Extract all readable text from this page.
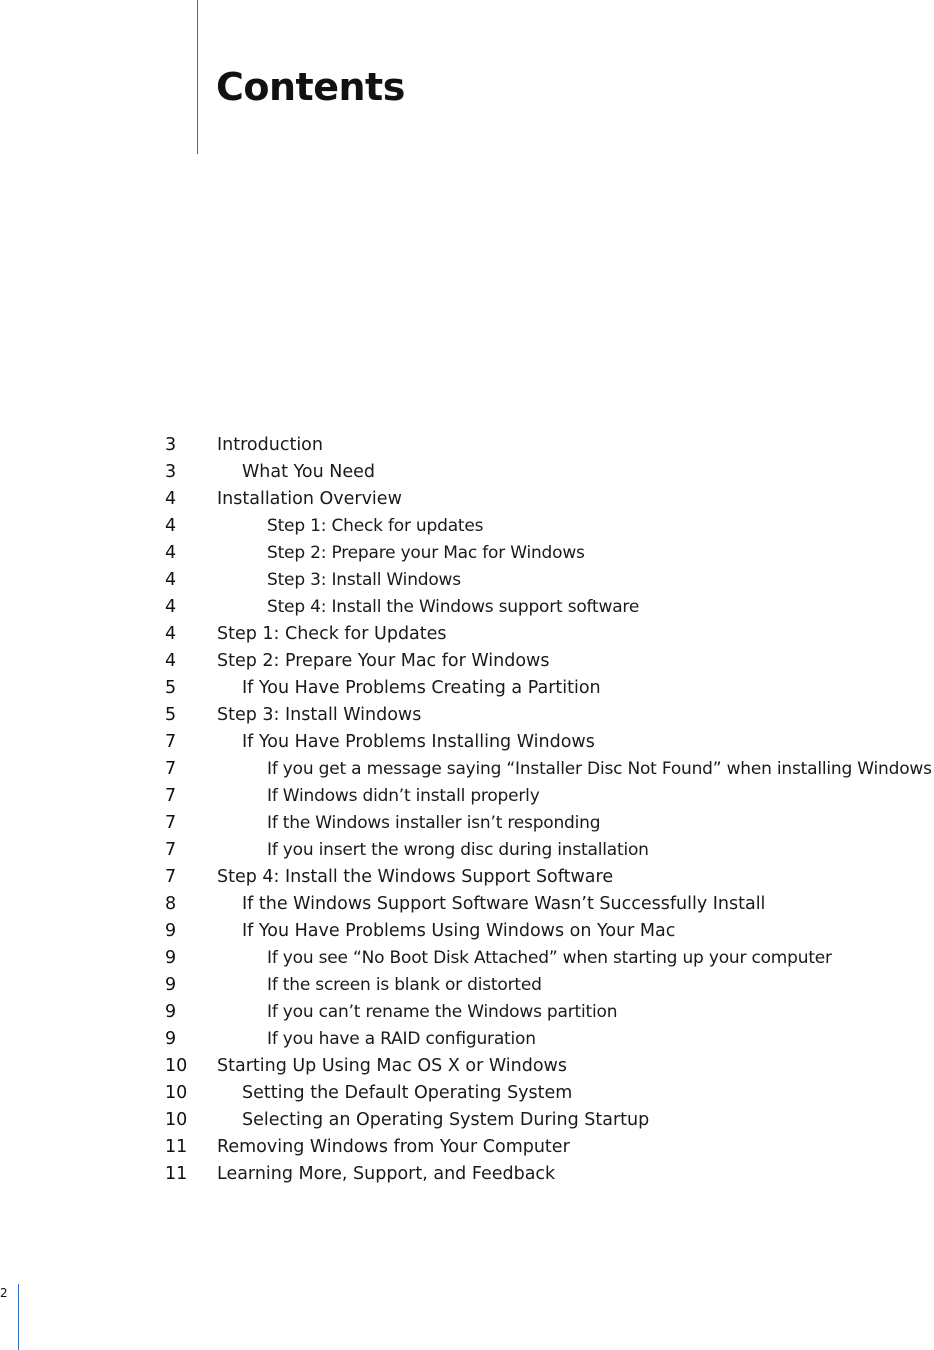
Contents
3 Introduction
3	What You Need
4 Installation Overview
4	Step 1: Check for updates
4	Step 2: Prepare your Mac for Windows
4	Step 3: Install Windows
4	Step 4: Install the Windows support software
4 Step 1: Check for Updates
4 Step 2: Prepare Your Mac for Windows
5	If You Have Problems Creating a Partition
5 Step 3: Install Windows
7	If You Have Problems Installing Windows
7	If you get a message saying “Installer Disc Not Found” when installing Windows
7	If Windows didn’t install properly
7	If the Windows installer isn’t responding
7	If you insert the wrong disc during installation
7 Step 4: Install the Windows Support Software
8	If the Windows Support Software Wasn’t Successfully Install
9	If You Have Problems Using Windows on Your Mac
9	If you see “No Boot Disk Attached” when starting up your computer
9	If the screen is blank or distorted
9	If you can’t rename the Windows partition
9	If you have a RAID conﬁguration
10 Starting Up Using Mac OS X or Windows
10	Setting the Default Operating System
10	Selecting an Operating System During Startup
11 Removing Windows from Your Computer
11 Learning More, Support, and Feedback
2
